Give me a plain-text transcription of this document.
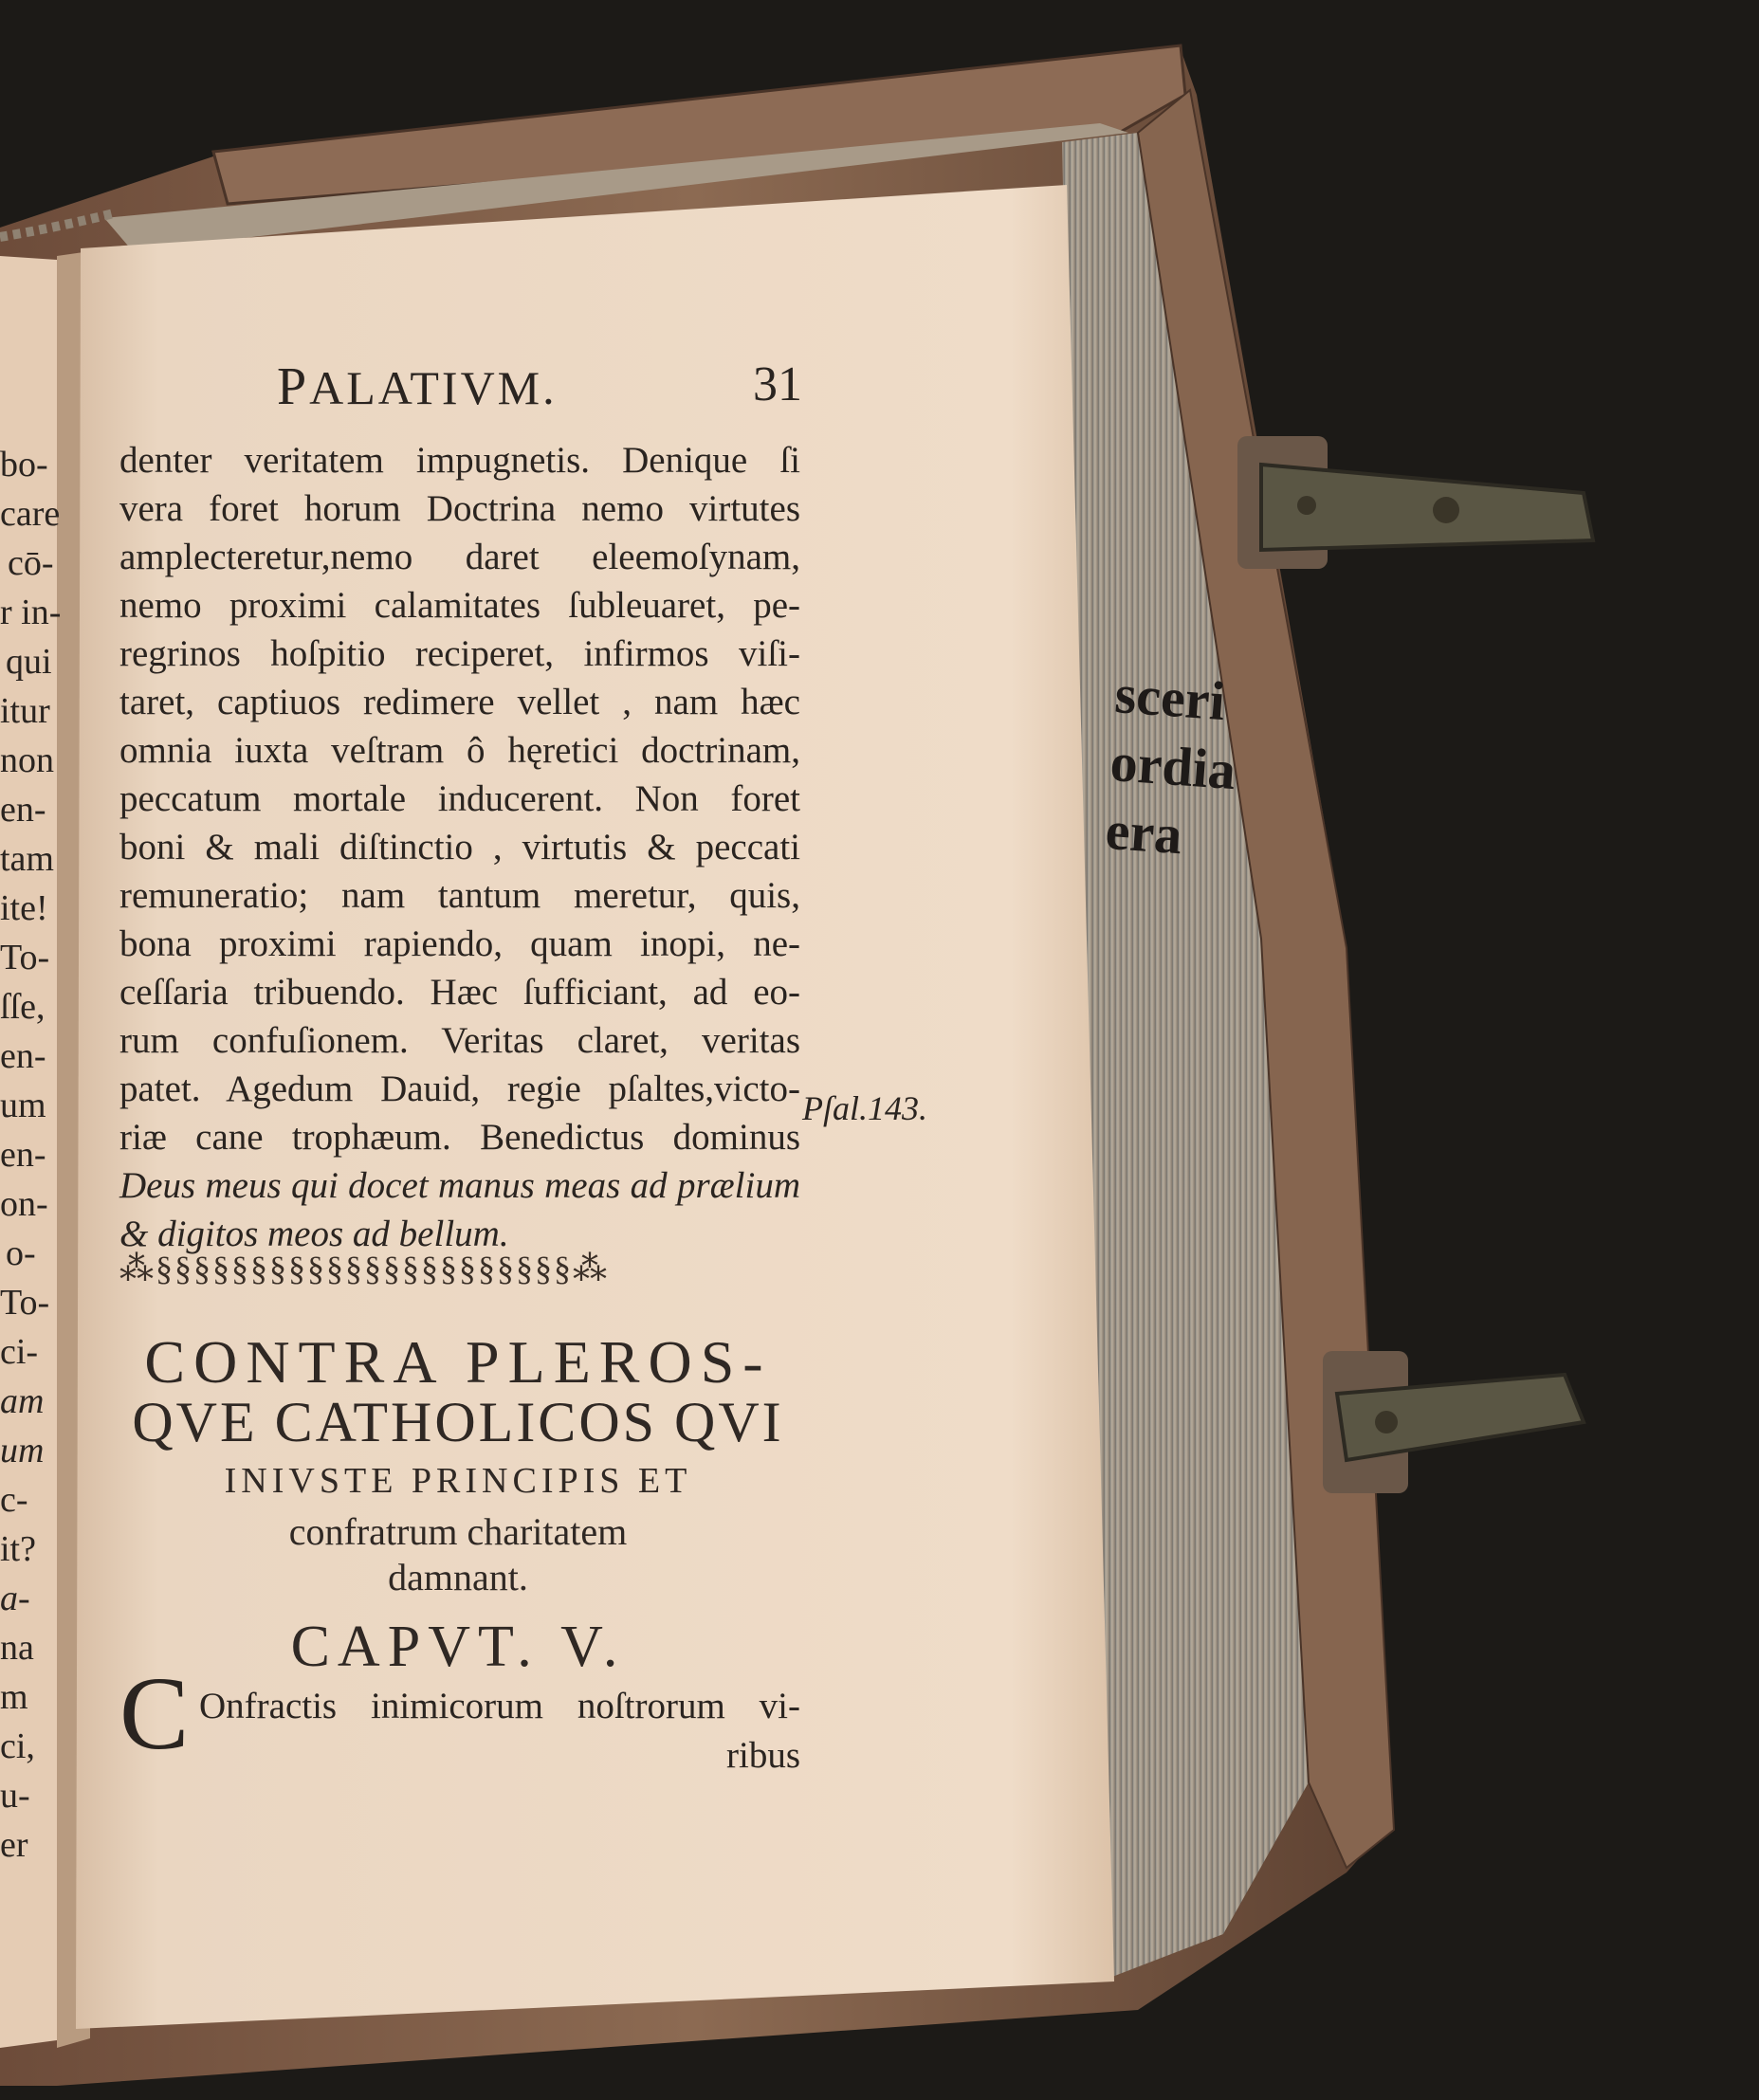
bo-
care
cō-
r in-
qui
itur
non
en-
tam
ite!
To-
ſſe,
en-
um
en-
on-
o-
To-
ci-
am
um
c-
it?
a-
na
m
ci,
u-
er
PALATIVM.	31
denter veritatem impugnetis. Denique ſi
vera foret horum Doctrina nemo virtutes
amplecteretur,nemo daret eleemoſynam,
nemo proximi calamitates ſubleuaret, pe-
regrinos hoſpitio reciperet, infirmos viſi-
taret, captiuos redimere vellet , nam hæc
omnia iuxta veſtram ô hęretici doctrinam,
peccatum mortale inducerent. Non foret
boni & mali diſtinctio , virtutis & peccati
remuneratio; nam tantum meretur, quis,
bona proximi rapiendo, quam inopi, ne-
ceſſaria tribuendo. Hæc ſufficiant, ad eo-
rum confuſionem. Veritas claret, veritas
patet. Agedum Dauid, regie pſaltes,victo-
riæ cane trophæum. Benedictus dominus
Deus meus qui docet manus meas ad prælium
& digitos meos ad bellum.
Pſal.143.
⁂§§§§§§§§§§§§§§§§§§§§§§⁂
CONTRA PLEROS-
QVE CATHOLICOS QVI
INIVSTE PRINCIPIS ET
confratrum charitatem
damnant.
CAPVT. V.
C Onfractis inimicorum noſtrorum vi-
ribus
sceri
ordia
era
